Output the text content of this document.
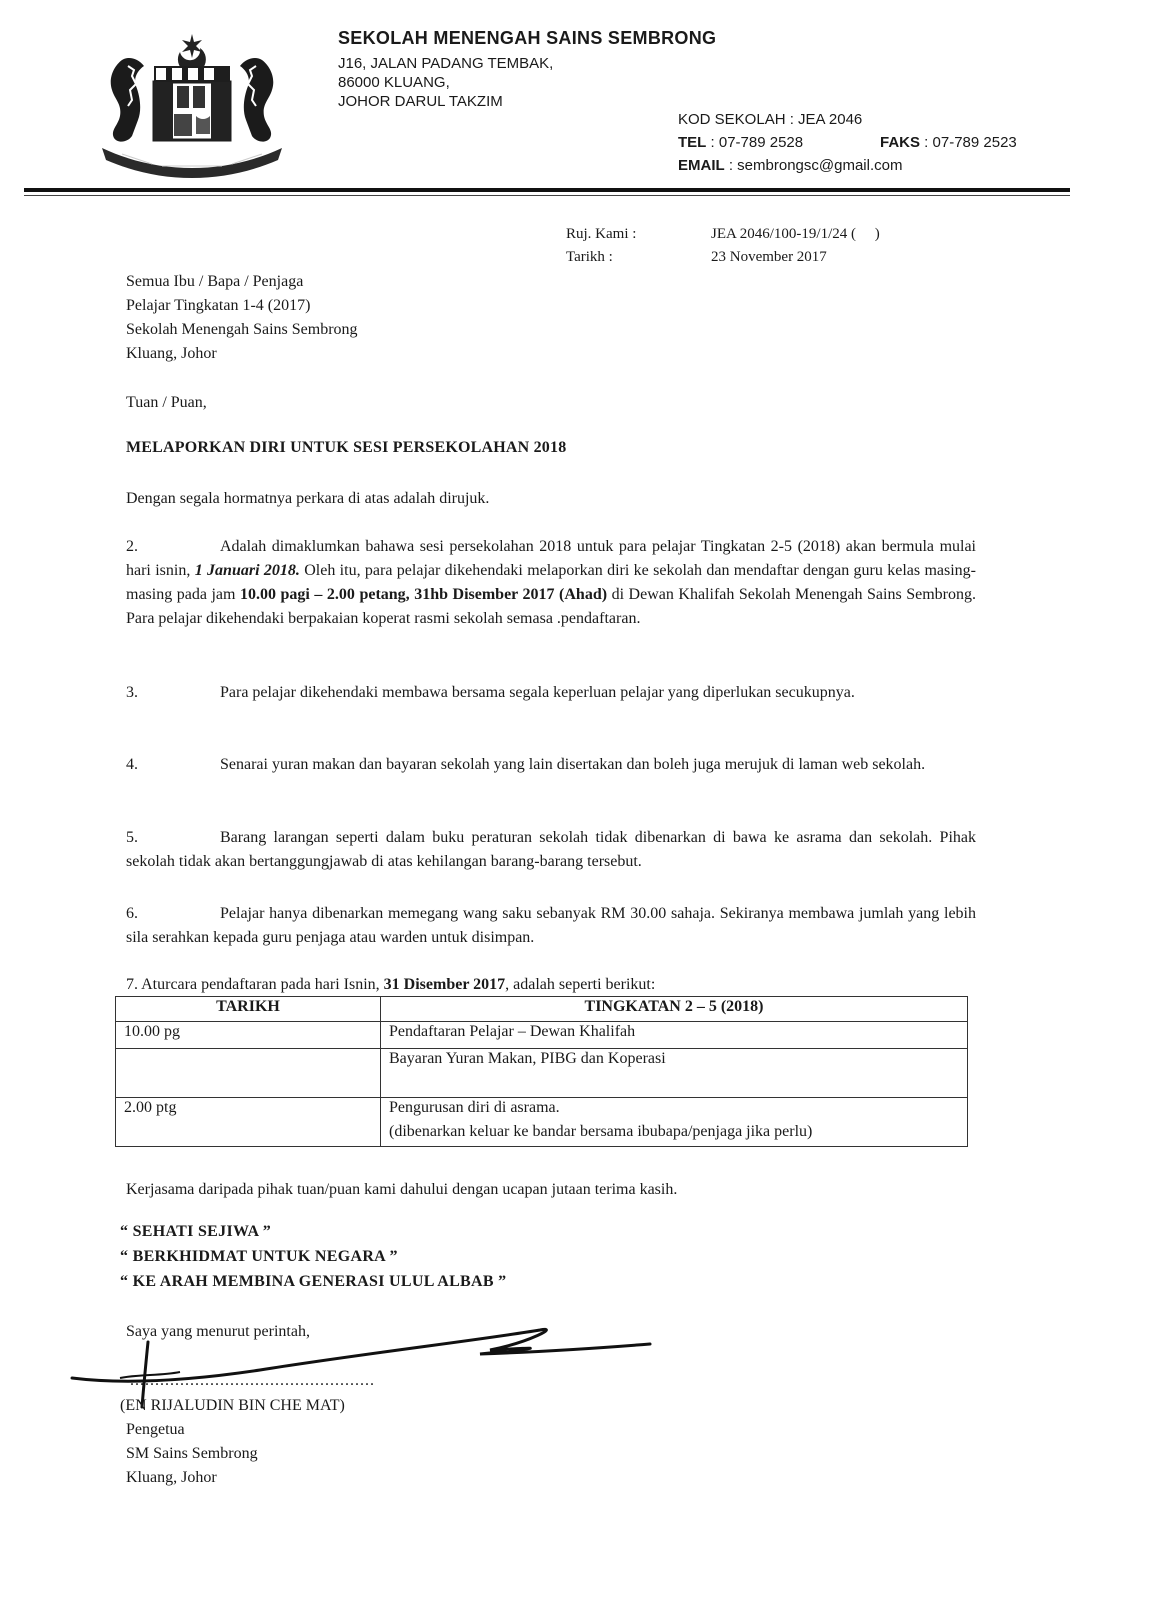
SEKOLAH MENENGAH SAINS SEMBRONG
J16, JALAN PADANG TEMBAK,
86000 KLUANG,
JOHOR DARUL TAKZIM
KOD SEKOLAH : JEA 2046
TEL : 07-789 2528	FAKS : 07-789 2523
EMAIL : sembrongsc@gmail.com
Ruj. Kami :	JEA 2046/100-19/1/24 (     )
Tarikh :	23 November 2017
Semua Ibu / Bapa / Penjaga
Pelajar Tingkatan 1-4 (2017)
Sekolah Menengah Sains Sembrong
Kluang, Johor
Tuan / Puan,
MELAPORKAN DIRI UNTUK SESI PERSEKOLAHAN 2018
Dengan segala hormatnya perkara di atas adalah dirujuk.
2.	Adalah dimaklumkan bahawa sesi persekolahan 2018 untuk para pelajar Tingkatan 2-5 (2018) akan bermula mulai hari isnin, 1 Januari 2018. Oleh itu, para pelajar dikehendaki melaporkan diri ke sekolah dan mendaftar dengan guru kelas masing-masing pada jam 10.00 pagi – 2.00 petang, 31hb Disember 2017 (Ahad) di Dewan Khalifah Sekolah Menengah Sains Sembrong. Para pelajar dikehendaki berpakaian koperat rasmi sekolah semasa .pendaftaran.
3.	Para pelajar dikehendaki membawa bersama segala keperluan pelajar yang diperlukan secukupnya.
4.	Senarai yuran makan dan bayaran sekolah yang lain disertakan dan boleh juga merujuk di laman web sekolah.
5.	Barang larangan seperti dalam buku peraturan sekolah tidak dibenarkan di bawa ke asrama dan sekolah. Pihak sekolah tidak akan bertanggungjawab di atas kehilangan barang-barang tersebut.
6.	Pelajar hanya dibenarkan memegang wang saku sebanyak RM 30.00 sahaja. Sekiranya membawa jumlah yang lebih sila serahkan kepada guru penjaga atau warden untuk disimpan.
7. Aturcara pendaftaran pada hari Isnin, 31 Disember 2017, adalah seperti berikut:
TARIKH	TINGKATAN 2 – 5 (2018)
10.00 pg	Pendaftaran Pelajar – Dewan Khalifah
	Bayaran Yuran Makan, PIBG dan Koperasi
2.00 ptg	Pengurusan diri di asrama.
	(dibenarkan keluar ke bandar bersama ibubapa/penjaga jika perlu)
Kerjasama daripada pihak tuan/puan kami dahului dengan ucapan jutaan terima kasih.
“ SEHATI SEJIWA ”
“ BERKHIDMAT UNTUK NEGARA ”
“ KE ARAH MEMBINA GENERASI ULUL ALBAB ”
Saya yang menurut perintah,
.................................................
(EN RIJALUDIN BIN CHE MAT)
Pengetua
SM Sains Sembrong
Kluang, Johor
